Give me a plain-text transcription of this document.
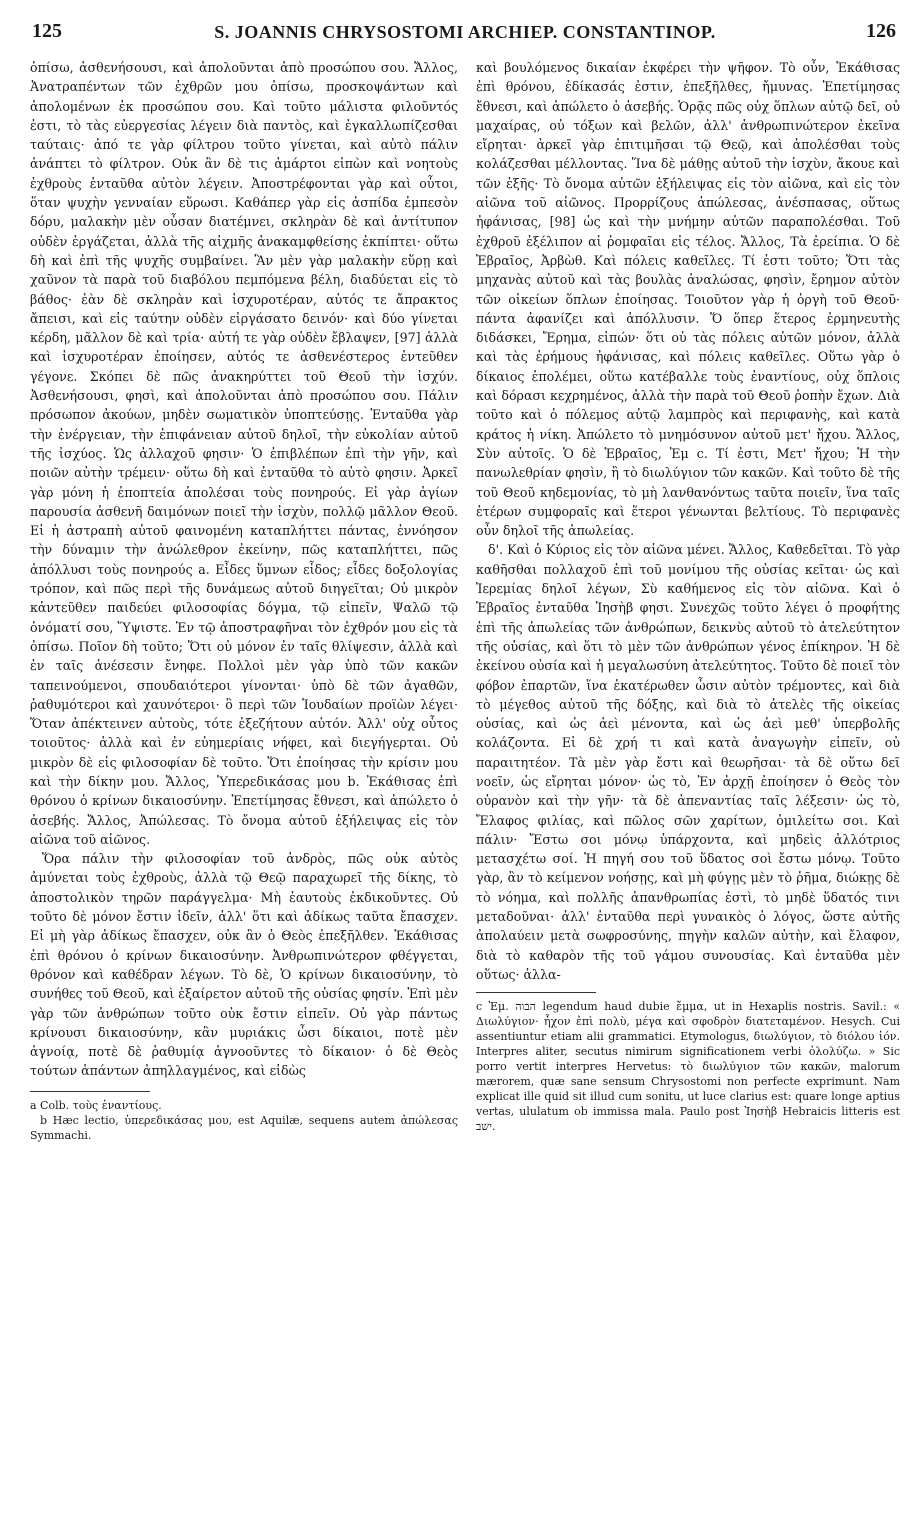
125	S. JOANNIS CHRYSOSTOMI ARCHIEP. CONSTANTINOP.	126

ὀπίσω, ἀσθενήσουσι, καὶ ἀπολοῦνται ἀπὸ προσώπου σου. Ἄλλος, Ἀνατραπέντων τῶν ἐχθρῶν μου ὀπίσω, προσκοψάντων καὶ ἀπολομένων ἐκ προσώπου σου. Καὶ τοῦτο μάλιστα φιλοῦντός ἐστι, τὸ τὰς εὐεργεσίας λέγειν διὰ παντὸς, καὶ ἐγκαλλωπίζεσθαι ταύταις· ἀπό τε γὰρ φίλτρου τοῦτο γίνεται, καὶ αὐτὸ πάλιν ἀνάπτει τὸ φίλτρον. Οὐκ ἂν δὲ τις ἁμάρτοι εἰπὼν καὶ νοητοὺς ἐχθροὺς ἐνταῦθα αὐτὸν λέγειν. Ἀποστρέφονται γὰρ καὶ οὗτοι, ὅταν ψυχὴν γενναίαν εὕρωσι. Καθάπερ γὰρ εἰς ἀσπίδα ἐμπεσὸν δόρυ, μαλακὴν μὲν οὖσαν διατέμνει, σκληρὰν δὲ καὶ ἀντίτυπον οὐδὲν ἐργάζεται, ἀλλὰ τῆς αἰχμῆς ἀνακαμφθείσης ἐκπίπτει· οὕτω δὴ καὶ ἐπὶ τῆς ψυχῆς συμβαίνει. Ἂν μὲν γὰρ μαλακὴν εὕρῃ καὶ χαῦνον τὰ παρὰ τοῦ διαβόλου πεμπόμενα βέλη, διαδύεται εἰς τὸ βάθος· ἐὰν δὲ σκληρὰν καὶ ἰσχυροτέραν, αὐτός τε ἄπρακτος ἄπεισι, καὶ εἰς ταύτην οὐδὲν εἰργάσατο δεινόν· καὶ δύο γίνεται κέρδη, μᾶλλον δὲ καὶ τρία· αὐτή τε γὰρ οὐδὲν ἔβλαψεν, [97] ἀλλὰ καὶ ἰσχυροτέραν ἐποίησεν, αὐτός τε ἀσθενέστερος ἐντεῦθεν γέγονε. Σκόπει δὲ πῶς ἀνακηρύττει τοῦ Θεοῦ τὴν ἰσχύν. Ἀσθενήσουσι, φησὶ, καὶ ἀπολοῦνται ἀπὸ προσώπου σου. Πάλιν πρόσωπον ἀκούων, μηδὲν σωματικὸν ὑποπτεύσῃς. Ἐνταῦθα γὰρ τὴν ἐνέργειαν, τὴν ἐπιφάνειαν αὐτοῦ δηλοῖ, τὴν εὐκολίαν αὐτοῦ τῆς ἰσχύος. Ὡς ἀλλαχοῦ φησιν· Ὁ ἐπιβλέπων ἐπὶ τὴν γῆν, καὶ ποιῶν αὐτὴν τρέμειν· οὕτω δὴ καὶ ἐνταῦθα τὸ αὐτὸ φησιν. Ἀρκεῖ γὰρ μόνη ἡ ἐποπτεία ἀπολέσαι τοὺς πονηρούς. Εἰ γὰρ ἁγίων παρουσία ἀσθενῆ δαιμόνων ποιεῖ τὴν ἰσχὺν, πολλῷ μᾶλλον Θεοῦ. Εἰ ἡ ἀστραπὴ αὐτοῦ φαινομένη καταπλήττει πάντας, ἐννόησον τὴν δύναμιν τὴν ἀνώλεθρον ἐκείνην, πῶς καταπλήττει, πῶς ἀπόλλυσι τοὺς πονηρούς a. Εἶδες ὕμνων εἶδος; εἶδες δοξολογίας τρόπον, καὶ πῶς περὶ τῆς δυνάμεως αὐτοῦ διηγεῖται; Οὐ μικρὸν κἀντεῦθεν παιδεύει φιλοσοφίας δόγμα, τῷ εἰπεῖν, Ψαλῶ τῷ ὀνόματί σου, Ὕψιστε. Ἐν τῷ ἀποστραφῆναι τὸν ἐχθρόν μου εἰς τὰ ὀπίσω. Ποῖον δὴ τοῦτο; Ὅτι οὐ μόνον ἐν ταῖς θλίψεσιν, ἀλλὰ καὶ ἐν ταῖς ἀνέσεσιν ἔνηφε. Πολλοὶ μὲν γὰρ ὑπὸ τῶν κακῶν ταπεινούμενοι, σπουδαιότεροι γίνονται· ὑπὸ δὲ τῶν ἀγαθῶν, ῥαθυμότεροι καὶ χαυνότεροι· ὃ περὶ τῶν Ἰουδαίων προϊὼν λέγει· Ὅταν ἀπέκτεινεν αὐτοὺς, τότε ἐξεζήτουν αὐτόν. Ἀλλ' οὐχ οὗτος τοιοῦτος· ἀλλὰ καὶ ἐν εὐημερίαις νήφει, καὶ διεγήγερται. Οὐ μικρὸν δὲ εἰς φιλοσοφίαν δὲ τοῦτο. Ὅτι ἐποίησας τὴν κρίσιν μου καὶ τὴν δίκην μου. Ἄλλος, Ὑπερεδικάσας μου b. Ἐκάθισας ἐπὶ θρόνου ὁ κρίνων δικαιοσύνην. Ἐπετίμησας ἔθνεσι, καὶ ἀπώλετο ὁ ἀσεβής. Ἄλλος, Ἀπώλεσας. Τὸ ὄνομα αὐτοῦ ἐξήλειψας εἰς τὸν αἰῶνα τοῦ αἰῶνος.

Ὅρα πάλιν τὴν φιλοσοφίαν τοῦ ἀνδρὸς, πῶς οὐκ αὐτὸς ἀμύνεται τοὺς ἐχθροὺς, ἀλλὰ τῷ Θεῷ παραχωρεῖ τῆς δίκης, τὸ ἀποστολικὸν τηρῶν παράγγελμα· Μὴ ἑαυτοὺς ἐκδικοῦντες. Οὐ τοῦτο δὲ μόνον ἔστιν ἰδεῖν, ἀλλ' ὅτι καὶ ἀδίκως ταῦτα ἔπασχεν. Εἰ μὴ γὰρ ἀδίκως ἔπασχεν, οὐκ ἂν ὁ Θεὸς ἐπεξῆλθεν. Ἐκάθισας ἐπὶ θρόνου ὁ κρίνων δικαιοσύνην. Ἀνθρωπινώτερον φθέγγεται, θρόνον καὶ καθέδραν λέγων. Τὸ δὲ, Ὁ κρίνων δικαιοσύνην, τὸ συνήθες τοῦ Θεοῦ, καὶ ἐξαίρετον αὐτοῦ τῆς οὐσίας φησίν. Ἐπὶ μὲν γὰρ τῶν ἀνθρώπων τοῦτο οὐκ ἔστιν εἰπεῖν. Οὐ γὰρ πάντως κρίνουσι δικαιοσύνην, κἂν μυριάκις ὦσι δίκαιοι, ποτὲ μὲν ἀγνοίᾳ, ποτὲ δὲ ῥαθυμίᾳ ἀγνοοῦντες τὸ δίκαιον· ὁ δὲ Θεὸς τούτων ἁπάντων ἀπηλλαγμένος, καὶ εἰδὼς

a Colb. τοὺς ἐναντίους.

b Hæc lectio, ὑπερεδικάσας μου, est Aquilæ, sequens autem ἀπώλεσας Symmachi.

καὶ βουλόμενος δικαίαν ἐκφέρει τὴν ψῆφον. Τὸ οὖν, Ἐκάθισας ἐπὶ θρόνου, ἐδίκασάς ἐστιν, ἐπεξῆλθες, ἤμυνας. Ἐπετίμησας ἔθνεσι, καὶ ἀπώλετο ὁ ἀσεβής. Ὁρᾷς πῶς οὐχ ὅπλων αὐτῷ δεῖ, οὐ μαχαίρας, οὐ τόξων καὶ βελῶν, ἀλλ' ἀνθρωπινώτερον ἐκεῖνα εἴρηται· ἀρκεῖ γὰρ ἐπιτιμῆσαι τῷ Θεῷ, καὶ ἀπολέσθαι τοὺς κολάζεσθαι μέλλοντας. Ἵνα δὲ μάθῃς αὐτοῦ τὴν ἰσχὺν, ἄκουε καὶ τῶν ἑξῆς· Τὸ ὄνομα αὐτῶν ἐξήλειψας εἰς τὸν αἰῶνα, καὶ εἰς τὸν αἰῶνα τοῦ αἰῶνος. Προρρίζους ἀπώλεσας, ἀνέσπασας, οὕτως ἠφάνισας, [98] ὡς καὶ τὴν μνήμην αὐτῶν παραπολέσθαι. Τοῦ ἐχθροῦ ἐξέλιπον αἱ ῥομφαῖαι εἰς τέλος. Ἄλλος, Τὰ ἐρείπια. Ὁ δὲ Ἑβραῖος, Ἀρβὼθ. Καὶ πόλεις καθεῖλες. Τί ἐστι τοῦτο; Ὅτι τὰς μηχανὰς αὐτοῦ καὶ τὰς βουλὰς ἀναλώσας, φησὶν, ἔρημον αὐτὸν τῶν οἰκείων ὅπλων ἐποίησας. Τοιοῦτον γὰρ ἡ ὀργὴ τοῦ Θεοῦ· πάντα ἀφανίζει καὶ ἀπόλλυσιν. Ὅ ὅπερ ἕτερος ἑρμηνευτὴς διδάσκει, Ἔρημα, εἰπών· ὅτι οὐ τὰς πόλεις αὐτῶν μόνον, ἀλλὰ καὶ τὰς ἐρήμους ἠφάνισας, καὶ πόλεις καθεῖλες. Οὕτω γὰρ ὁ δίκαιος ἐπολέμει, οὕτω κατέβαλλε τοὺς ἐναντίους, οὐχ ὅπλοις καὶ δόρασι κεχρημένος, ἀλλὰ τὴν παρὰ τοῦ Θεοῦ ῥοπὴν ἔχων. Διὰ τοῦτο καὶ ὁ πόλεμος αὐτῷ λαμπρὸς καὶ περιφανὴς, καὶ κατὰ κράτος ἡ νίκη. Ἀπώλετο τὸ μνημόσυνον αὐτοῦ μετ' ἤχου. Ἄλλος, Σὺν αὐτοῖς. Ὁ δὲ Ἑβραῖος, Ἐμ c. Τί ἐστι, Μετ' ἤχου; Ἡ τὴν πανωλεθρίαν φησὶν, ἢ τὸ διωλύγιον τῶν κακῶν. Καὶ τοῦτο δὲ τῆς τοῦ Θεοῦ κηδεμονίας, τὸ μὴ λανθανόντως ταῦτα ποιεῖν, ἵνα ταῖς ἑτέρων συμφοραῖς καὶ ἕτεροι γένωνται βελτίους. Τὸ περιφανὲς οὖν δηλοῖ τῆς ἀπωλείας.

δ'. Καὶ ὁ Κύριος εἰς τὸν αἰῶνα μένει. Ἄλλος, Καθεδεῖται. Τὸ γὰρ καθῆσθαι πολλαχοῦ ἐπὶ τοῦ μονίμου τῆς οὐσίας κεῖται· ὡς καὶ Ἱερεμίας δηλοῖ λέγων, Σὺ καθήμενος εἰς τὸν αἰῶνα. Καὶ ὁ Ἑβραῖος ἐνταῦθα Ἰησὴβ φησι. Συνεχῶς τοῦτο λέγει ὁ προφήτης ἐπὶ τῆς ἀπωλείας τῶν ἀνθρώπων, δεικνὺς αὐτοῦ τὸ ἀτελεύτητον τῆς οὐσίας, καὶ ὅτι τὸ μὲν τῶν ἀνθρώπων γένος ἐπίκηρον. Ἡ δὲ ἐκείνου οὐσία καὶ ἡ μεγαλωσύνη ἀτελεύτητος. Τοῦτο δὲ ποιεῖ τὸν φόβον ἐπαρτῶν, ἵνα ἑκατέρωθεν ὦσιν αὐτὸν τρέμοντες, καὶ διὰ τὸ μέγεθος αὐτοῦ τῆς δόξης, καὶ διὰ τὸ ἀτελὲς τῆς οἰκείας οὐσίας, καὶ ὡς ἀεὶ μένοντα, καὶ ὡς ἀεὶ μεθ' ὑπερβολῆς κολάζοντα. Εἰ δὲ χρή τι καὶ κατὰ ἀναγωγὴν εἰπεῖν, οὐ παραιτητέον. Τὰ μὲν γὰρ ἔστι καὶ θεωρῆσαι· τὰ δὲ οὕτω δεῖ νοεῖν, ὡς εἴρηται μόνον· ὡς τὸ, Ἐν ἀρχῇ ἐποίησεν ὁ Θεὸς τὸν οὐρανὸν καὶ τὴν γῆν· τὰ δὲ ἀπεναντίας ταῖς λέξεσιν· ὡς τὸ, Ἔλαφος φιλίας, καὶ πῶλος σῶν χαρίτων, ὁμιλείτω σοι. Καὶ πάλιν· Ἔστω σοι μόνῳ ὑπάρχοντα, καὶ μηδεὶς ἀλλότριος μετασχέτω σοί. Ἡ πηγή σου τοῦ ὕδατος σοὶ ἔστω μόνῳ. Τοῦτο γὰρ, ἂν τὸ κείμενον νοήσῃς, καὶ μὴ φύγῃς μὲν τὸ ῥῆμα, διώκῃς δὲ τὸ νόημα, καὶ πολλῆς ἀπανθρωπίας ἐστὶ, τὸ μηδὲ ὕδατός τινι μεταδοῦναι· ἀλλ' ἐνταῦθα περὶ γυναικὸς ὁ λόγος, ὥστε αὐτῆς ἀπολαύειν μετὰ σωφροσύνης, πηγὴν καλῶν αὐτὴν, καὶ ἔλαφον, διὰ τὸ καθαρὸν τῆς τοῦ γάμου συνουσίας. Καὶ ἐνταῦθα μὲν οὕτως· ἀλλα-

c Ἐμ. הבוה legendum haud dubie ἔμμα, ut in Hexaplis nostris. Savil.: « Διωλύγιον· ἦχον ἐπὶ πολὺ, μέγα καὶ σφοδρὸν διατεταμένον. Hesych. Cui assentiuntur etiam alii grammatici. Etymologus, διωλύγιον, τὸ διόλου ἰόν. Interpres aliter, secutus nimirum significationem verbi ὀλολύζω. » Sic porro vertit interpres Hervetus: τὸ διωλύγιον τῶν κακῶν, malorum mærorem, quæ sane sensum Chrysostomi non perfecte exprimunt. Nam explicat ille quid sit illud cum sonitu, ut luce clarius est: quare longe aptius vertas, ululatum ob immissa mala. Paulo post Ἰησὴβ Hebraicis litteris est ישב.
